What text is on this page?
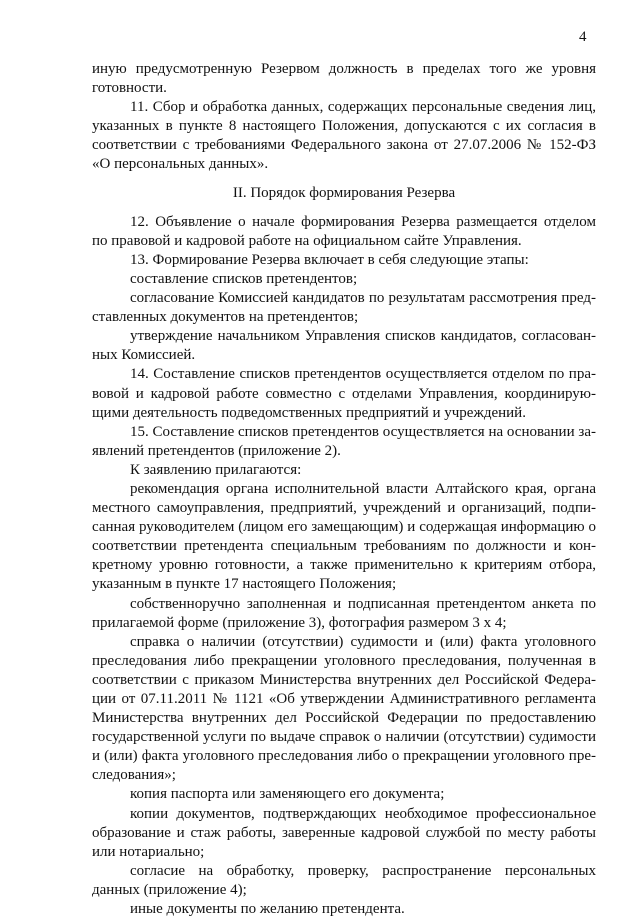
4

иную предусмотренную Резервом должность в пределах того же уровня готовности.

11. Сбор и обработка данных, содержащих персональные сведения лиц, указанных в пункте 8 настоящего Положения, допускаются с их согласия в соответствии с требованиями Федерального закона от 27.07.2006 № 152-ФЗ «О персональных данных».

II. Порядок формирования Резерва

12. Объявление о начале формирования Резерва размещается отделом по правовой и кадровой работе на официальном сайте Управления.

13. Формирование Резерва включает в себя следующие этапы:

составление списков претендентов;

согласование Комиссией кандидатов по результатам рассмотрения представленных документов на претендентов;

утверждение начальником Управления списков кандидатов, согласованных Комиссией.

14. Составление списков претендентов осуществляется отделом по правовой и кадровой работе совместно с отделами Управления, координирующими деятельность подведомственных предприятий и учреждений.

15. Составление списков претендентов осуществляется на основании заявлений претендентов (приложение 2).

К заявлению прилагаются:

рекомендация органа исполнительной власти Алтайского края, органа местного самоуправления, предприятий, учреждений и организаций, подписанная руководителем (лицом его замещающим) и содержащая информацию о соответствии претендента специальным требованиям по должности и конкретному уровню готовности, а также применительно к критериям отбора, указанным в пункте 17 настоящего Положения;

собственноручно заполненная и подписанная претендентом анкета по прилагаемой форме (приложение 3), фотография размером 3 х 4;

справка о наличии (отсутствии) судимости и (или) факта уголовного преследования либо прекращении уголовного преследования, полученная в соответствии с приказом Министерства внутренних дел Российской Федерации от 07.11.2011 № 1121 «Об утверждении Административного регламента Министерства внутренних дел Российской Федерации по предоставлению государственной услуги по выдаче справок о наличии (отсутствии) судимости и (или) факта уголовного преследования либо о прекращении уголовного преследования»;

копия паспорта или заменяющего его документа;

копии документов, подтверждающих необходимое профессиональное образование и стаж работы, заверенные кадровой службой по месту работы или нотариально;

согласие на обработку, проверку, распространение персональных данных (приложение 4);

иные документы по желанию претендента.
